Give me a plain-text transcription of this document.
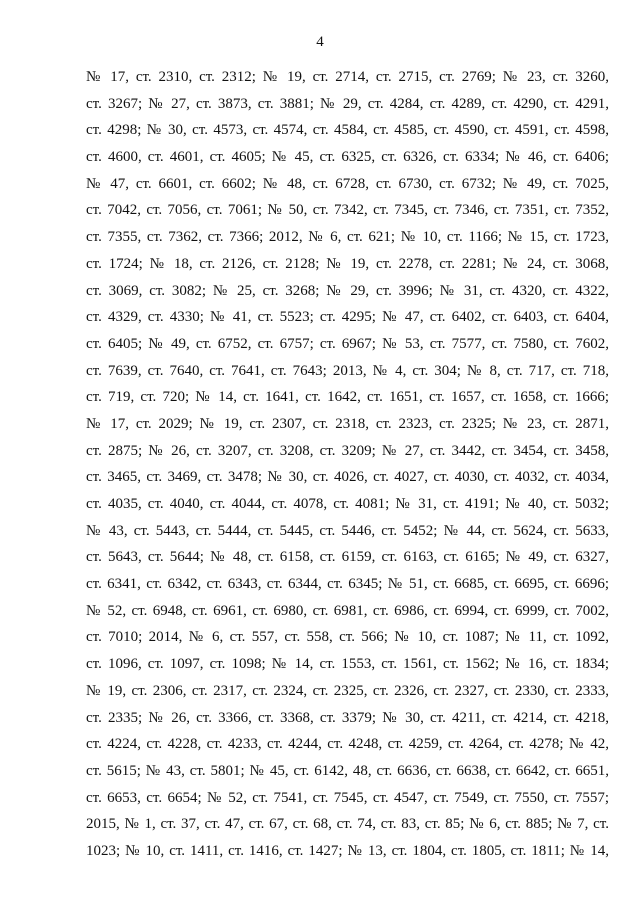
4
№ 17, ст. 2310, ст. 2312; № 19, ст. 2714, ст. 2715, ст. 2769; № 23, ст. 3260,
ст. 3267; № 27, ст. 3873, ст. 3881; № 29, ст. 4284, ст. 4289, ст. 4290, ст. 4291,
ст. 4298; № 30, ст. 4573, ст. 4574, ст. 4584, ст. 4585, ст. 4590, ст. 4591, ст. 4598,
ст. 4600, ст. 4601, ст. 4605; № 45, ст. 6325, ст. 6326, ст. 6334; № 46, ст. 6406;
№ 47, ст. 6601, ст. 6602; № 48, ст. 6728, ст. 6730, ст. 6732; № 49, ст. 7025,
ст. 7042, ст. 7056, ст. 7061; № 50, ст. 7342, ст. 7345, ст. 7346, ст. 7351, ст. 7352,
ст. 7355, ст. 7362, ст. 7366; 2012, № 6, ст. 621; № 10, ст. 1166; № 15, ст. 1723,
ст. 1724; № 18, ст. 2126, ст. 2128; № 19, ст. 2278, ст. 2281; № 24, ст. 3068,
ст. 3069, ст. 3082; № 25, ст. 3268; № 29, ст. 3996; № 31, ст. 4320, ст. 4322,
ст. 4329, ст. 4330; № 41, ст. 5523; ст. 4295; № 47, ст. 6402, ст. 6403, ст. 6404,
ст. 6405; № 49, ст. 6752, ст. 6757; ст. 6967; № 53, ст. 7577, ст. 7580, ст. 7602,
ст. 7639, ст. 7640, ст. 7641, ст. 7643; 2013, № 4, ст. 304; № 8, ст. 717, ст. 718,
ст. 719, ст. 720; № 14, ст. 1641, ст. 1642, ст. 1651, ст. 1657, ст. 1658, ст. 1666;
№ 17, ст. 2029; № 19, ст. 2307, ст. 2318, ст. 2323, ст. 2325; № 23, ст. 2871,
ст. 2875; № 26, ст. 3207, ст. 3208, ст. 3209; № 27, ст. 3442, ст. 3454, ст. 3458,
ст. 3465, ст. 3469, ст. 3478; № 30, ст. 4026, ст. 4027, ст. 4030, ст. 4032, ст. 4034,
ст. 4035, ст. 4040, ст. 4044, ст. 4078, ст. 4081; № 31, ст. 4191; № 40, ст. 5032;
№ 43, ст. 5443, ст. 5444, ст. 5445, ст. 5446, ст. 5452; № 44, ст. 5624, ст. 5633,
ст. 5643, ст. 5644; № 48, ст. 6158, ст. 6159, ст. 6163, ст. 6165; № 49, ст. 6327,
ст. 6341, ст. 6342, ст. 6343, ст. 6344, ст. 6345; № 51, ст. 6685, ст. 6695, ст. 6696;
№ 52, ст. 6948, ст. 6961, ст. 6980, ст. 6981, ст. 6986, ст. 6994, ст. 6999, ст. 7002,
ст. 7010; 2014, № 6, ст. 557, ст. 558, ст. 566; № 10, ст. 1087; № 11, ст. 1092,
ст. 1096, ст. 1097, ст. 1098; № 14, ст. 1553, ст. 1561, ст. 1562; № 16, ст. 1834;
№ 19, ст. 2306, ст. 2317, ст. 2324, ст. 2325, ст. 2326, ст. 2327, ст. 2330, ст. 2333,
ст. 2335; № 26, ст. 3366, ст. 3368, ст. 3379; № 30, ст. 4211, ст. 4214, ст. 4218,
ст. 4224, ст. 4228, ст. 4233, ст. 4244, ст. 4248, ст. 4259, ст. 4264, ст. 4278; № 42,
ст. 5615; № 43, ст. 5801; № 45, ст. 6142, 48, ст. 6636, ст. 6638, ст. 6642, ст. 6651,
ст. 6653, ст. 6654; № 52, ст. 7541, ст. 7545, ст. 4547, ст. 7549, ст. 7550, ст. 7557;
2015, № 1, ст. 37, ст. 47, ст. 67, ст. 68, ст. 74, ст. 83, ст. 85; № 6, ст. 885; № 7, ст.
1023; № 10, ст. 1411, ст. 1416, ст. 1427; № 13, ст. 1804, ст. 1805, ст. 1811; № 14,
